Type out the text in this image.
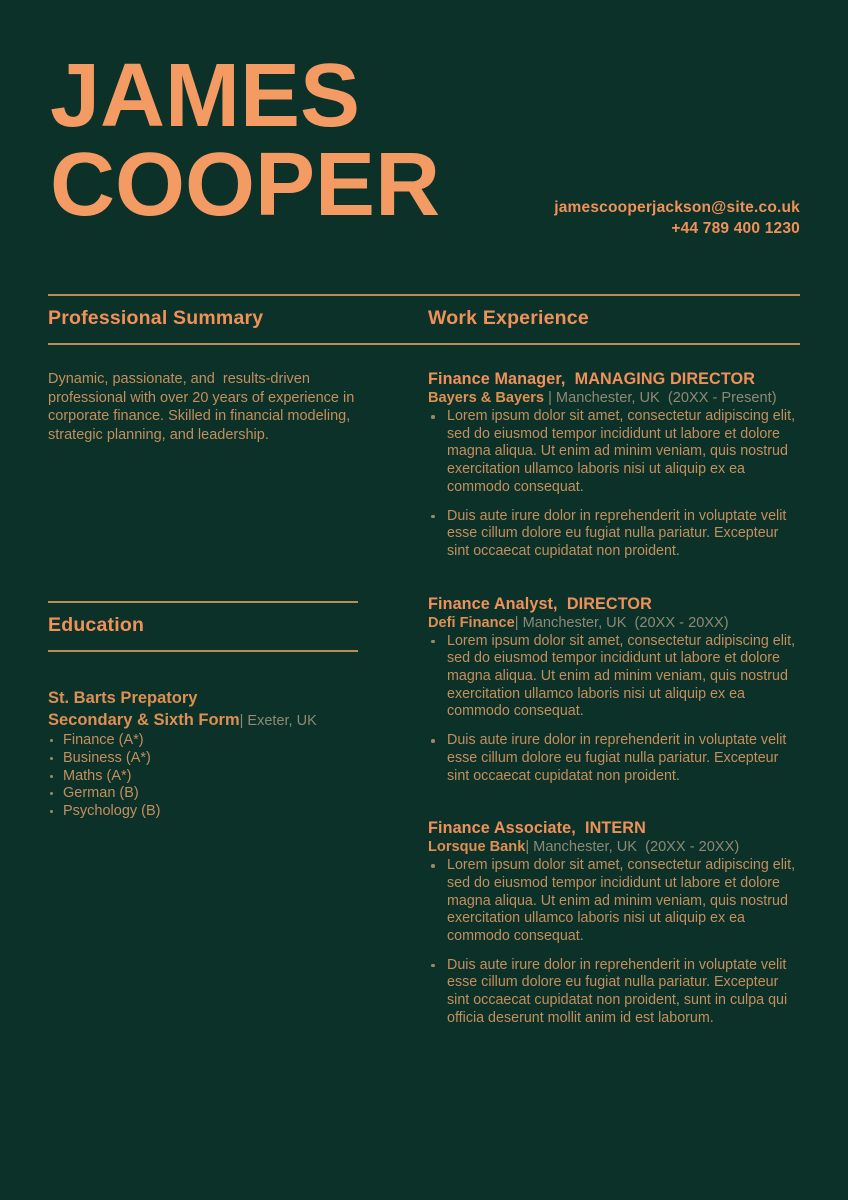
JAMES
COOPER	jamescooperjackson@site.co.uk
+44 789 400 1230
Professional Summary	Work Experience
Dynamic, passionate, and  results-driven professional with over 20 years of experience in corporate finance. Skilled in financial modeling, strategic planning, and leadership.
Education
St. Barts Prepatory
Secondary & Sixth Form| Exeter, UK
Finance (A*)
Business (A*)
Maths (A*)
German (B)
Psychology (B)
Finance Manager,  MANAGING DIRECTOR
Bayers & Bayers | Manchester, UK  (20XX - Present)
Lorem ipsum dolor sit amet, consectetur adipiscing elit, sed do eiusmod tempor incididunt ut labore et dolore magna aliqua. Ut enim ad minim veniam, quis nostrud exercitation ullamco laboris nisi ut aliquip ex ea commodo consequat.
Duis aute irure dolor in reprehenderit in voluptate velit esse cillum dolore eu fugiat nulla pariatur. Excepteur sint occaecat cupidatat non proident.
Finance Analyst,  DIRECTOR
Defi Finance| Manchester, UK  (20XX - 20XX)
Lorem ipsum dolor sit amet, consectetur adipiscing elit, sed do eiusmod tempor incididunt ut labore et dolore magna aliqua. Ut enim ad minim veniam, quis nostrud exercitation ullamco laboris nisi ut aliquip ex ea commodo consequat.
Duis aute irure dolor in reprehenderit in voluptate velit esse cillum dolore eu fugiat nulla pariatur. Excepteur sint occaecat cupidatat non proident.
Finance Associate,  INTERN
Lorsque Bank| Manchester, UK  (20XX - 20XX)
Lorem ipsum dolor sit amet, consectetur adipiscing elit, sed do eiusmod tempor incididunt ut labore et dolore magna aliqua. Ut enim ad minim veniam, quis nostrud exercitation ullamco laboris nisi ut aliquip ex ea commodo consequat.
Duis aute irure dolor in reprehenderit in voluptate velit esse cillum dolore eu fugiat nulla pariatur. Excepteur sint occaecat cupidatat non proident, sunt in culpa qui officia deserunt mollit anim id est laborum.
